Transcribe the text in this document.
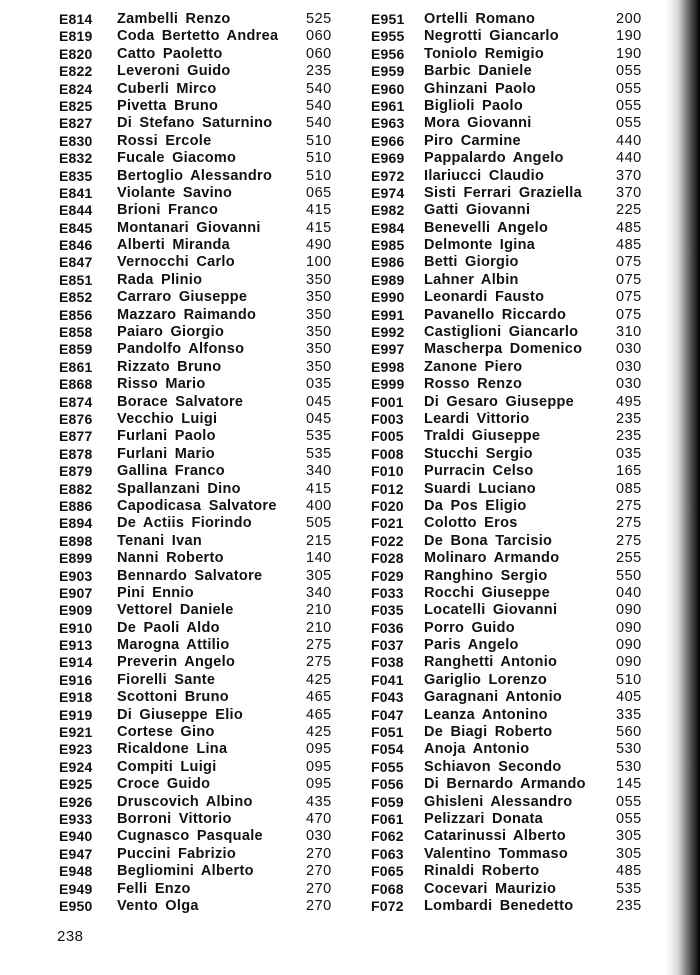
E814 Zambelli Renzo	525
E819 Coda Bertetto Andrea 060
E820 Catto Paoletto	060
E822 Leveroni Guido	235
E824 Cuberli Mirco	540
E825 Pivetta Bruno	540
E827 Di Stefano Saturnino 540
E830 Rossi Ercole	510
E832 Fucale Giacomo	510
E835 Bertoglio Alessandro 510
E841 Violante Savino	065
E844 Brioni Franco	415
E845 Montanari Giovanni	415
E846 Alberti Miranda	490
E847 Vernocchi Carlo	100
E851 Rada Plinio	350
E852 Carraro Giuseppe	350
E856 Mazzaro Raimando	350
E858 Paiaro Giorgio	350
E859 Pandolfo Alfonso	350
E861 Rizzato Bruno	350
E868 Risso Mario	035
E874 Borace Salvatore	045
E876 Vecchio Luigi	045
E877 Furlani Paolo	535
E878 Furlani Mario	535
E879 Gallina Franco	340
E882 Spallanzani Dino	415
E886 Capodicasa Salvatore 400
E894 De Actiis Fiorindo	505
E898 Tenani Ivan	215
E899 Nanni Roberto	140
E903 Bennardo Salvatore	305
E907 Pini Ennio	340
E909 Vettorel Daniele	210
E910 De Paoli Aldo	210
E913 Marogna Attilio	275
E914 Preverin Angelo	275
E916 Fiorelli Sante	425
E918 Scottoni Bruno	465
E919 Di Giuseppe Elio	465
E921 Cortese Gino	425
E923 Ricaldone Lina	095
E924 Compiti Luigi	095
E925 Croce Guido	095
E926 Druscovich Albino	435
E933 Borroni Vittorio	470
E940 Cugnasco Pasquale	030
E947 Puccini Fabrizio	270
E948 Begliomini Alberto	270
E949 Felli Enzo	270
E950 Vento Olga	270
E951 Ortelli Romano	200
E955 Negrotti Giancarlo	190
E956 Toniolo Remigio	190
E959 Barbic Daniele	055
E960 Ghinzani Paolo	055
E961 Biglioli Paolo	055
E963 Mora Giovanni	055
E966 Piro Carmine	440
E969 Pappalardo Angelo	440
E972 Ilariucci Claudio	370
E974 Sisti Ferrari Graziella 370
E982 Gatti Giovanni	225
E984 Benevelli Angelo	485
E985 Delmonte Igina	485
E986 Betti Giorgio	075
E989 Lahner Albin	075
E990 Leonardi Fausto	075
E991 Pavanello Riccardo	075
E992 Castiglioni Giancarlo	310
E997 Mascherpa Domenico 030
E998 Zanone Piero	030
E999 Rosso Renzo	030
F001 Di Gesaro Giuseppe	495
F003 Leardi Vittorio	235
F005 Traldi Giuseppe	235
F008 Stucchi Sergio	035
F010 Purracin Celso	165
F012 Suardi Luciano	085
F020 Da Pos Eligio	275
F021 Colotto Eros	275
F022 De Bona Tarcisio	275
F028 Molinaro Armando	255
F029 Ranghino Sergio	550
F033 Rocchi Giuseppe	040
F035 Locatelli Giovanni	090
F036 Porro Guido	090
F037 Paris Angelo	090
F038 Ranghetti Antonio	090
F041 Gariglio Lorenzo	510
F043 Garagnani Antonio	405
F047 Leanza Antonino	335
F051 De Biagi Roberto	560
F054 Anoja Antonio	530
F055 Schiavon Secondo	530
F056 Di Bernardo Armando 145
F059 Ghisleni Alessandro	055
F061 Pelizzari Donata	055
F062 Catarinussi Alberto	305
F063 Valentino Tommaso	305
F065 Rinaldi Roberto	485
F068 Cocevari Maurizio	535
F072 Lombardi Benedetto	235
238
